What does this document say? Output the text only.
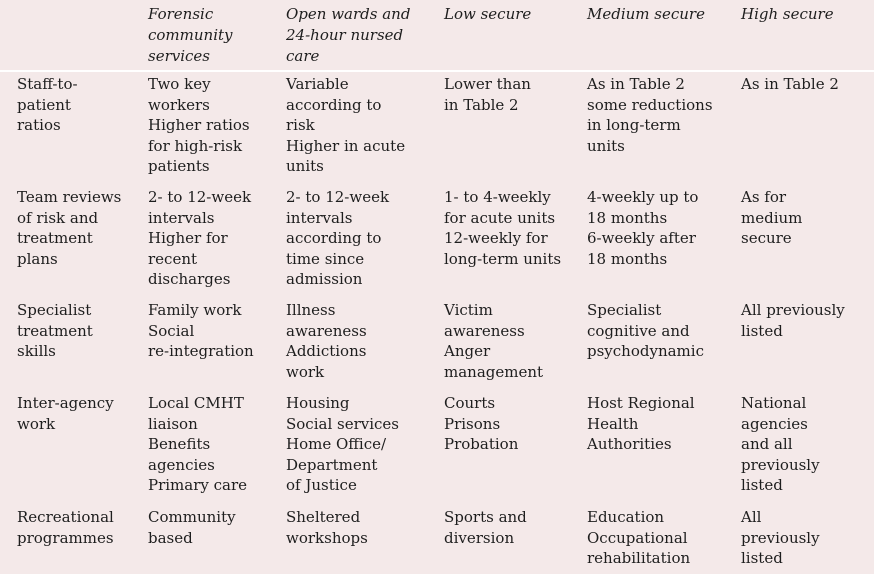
Forensic
community
services
Open wards and
24-hour nursed
care
Low secure	Medium secure	High secure
Staff-to-
patient
ratios
Two key
workers
Higher ratios
for high-risk
patients
Variable
according to
risk
Higher in acute
units
Lower than
in Table 2
As in Table 2
some reductions
in long-term
units
As in Table 2
Team reviews
of risk and
treatment
plans
2- to 12-week
intervals
Higher for
recent
discharges
2- to 12-week
intervals
according to
time since
admission
1- to 4-weekly
for acute units
12-weekly for
long-term units
4-weekly up to
18 months
6-weekly after
18 months
As for
medium
secure
Specialist
treatment
skills
Family work
Social
re-integration
Illness
awareness
Addictions
work
Victim
awareness
Anger
management
Specialist
cognitive and
psychodynamic
All previously
listed
Inter-agency
work
Local CMHT
liaison
Benefits
agencies
Primary care
Housing
Social services
Home Office/
Department
of Justice
Courts
Prisons
Probation
Host Regional
Health
Authorities
National
agencies
and all
previously
listed
Recreational
programmes
Community
based
Sheltered
workshops
Sports and
diversion
Education
Occupational
rehabilitation
All
previously
listed
